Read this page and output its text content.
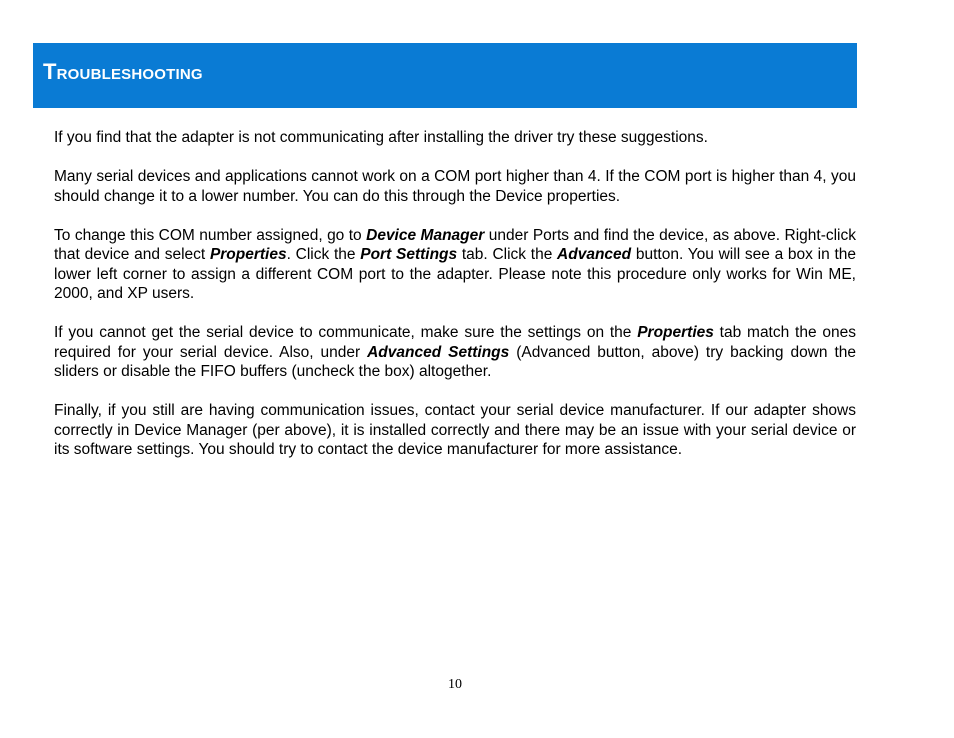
Troubleshooting

If you find that the adapter is not communicating after installing the driver try these suggestions.

Many serial devices and applications cannot work on a COM port higher than 4. If the COM port is higher than 4, you should change it to a lower number. You can do this through the Device properties.

To change this COM number assigned, go to Device Manager under Ports and find the device, as above. Right-click that device and select Properties. Click the Port Settings tab. Click the Advanced button. You will see a box in the lower left corner to assign a different COM port to the adapter. Please note this procedure only works for Win ME, 2000, and XP users.

If you cannot get the serial device to communicate, make sure the settings on the Properties tab match the ones required for your serial device. Also, under Advanced Settings (Advanced button, above) try backing down the sliders or disable the FIFO buffers (uncheck the box) altogether.

Finally, if you still are having communication issues, contact your serial device manufacturer. If our adapter shows correctly in Device Manager (per above), it is installed correctly and there may be an issue with your serial device or its software settings. You should try to contact the device manufacturer for more assistance.

10
